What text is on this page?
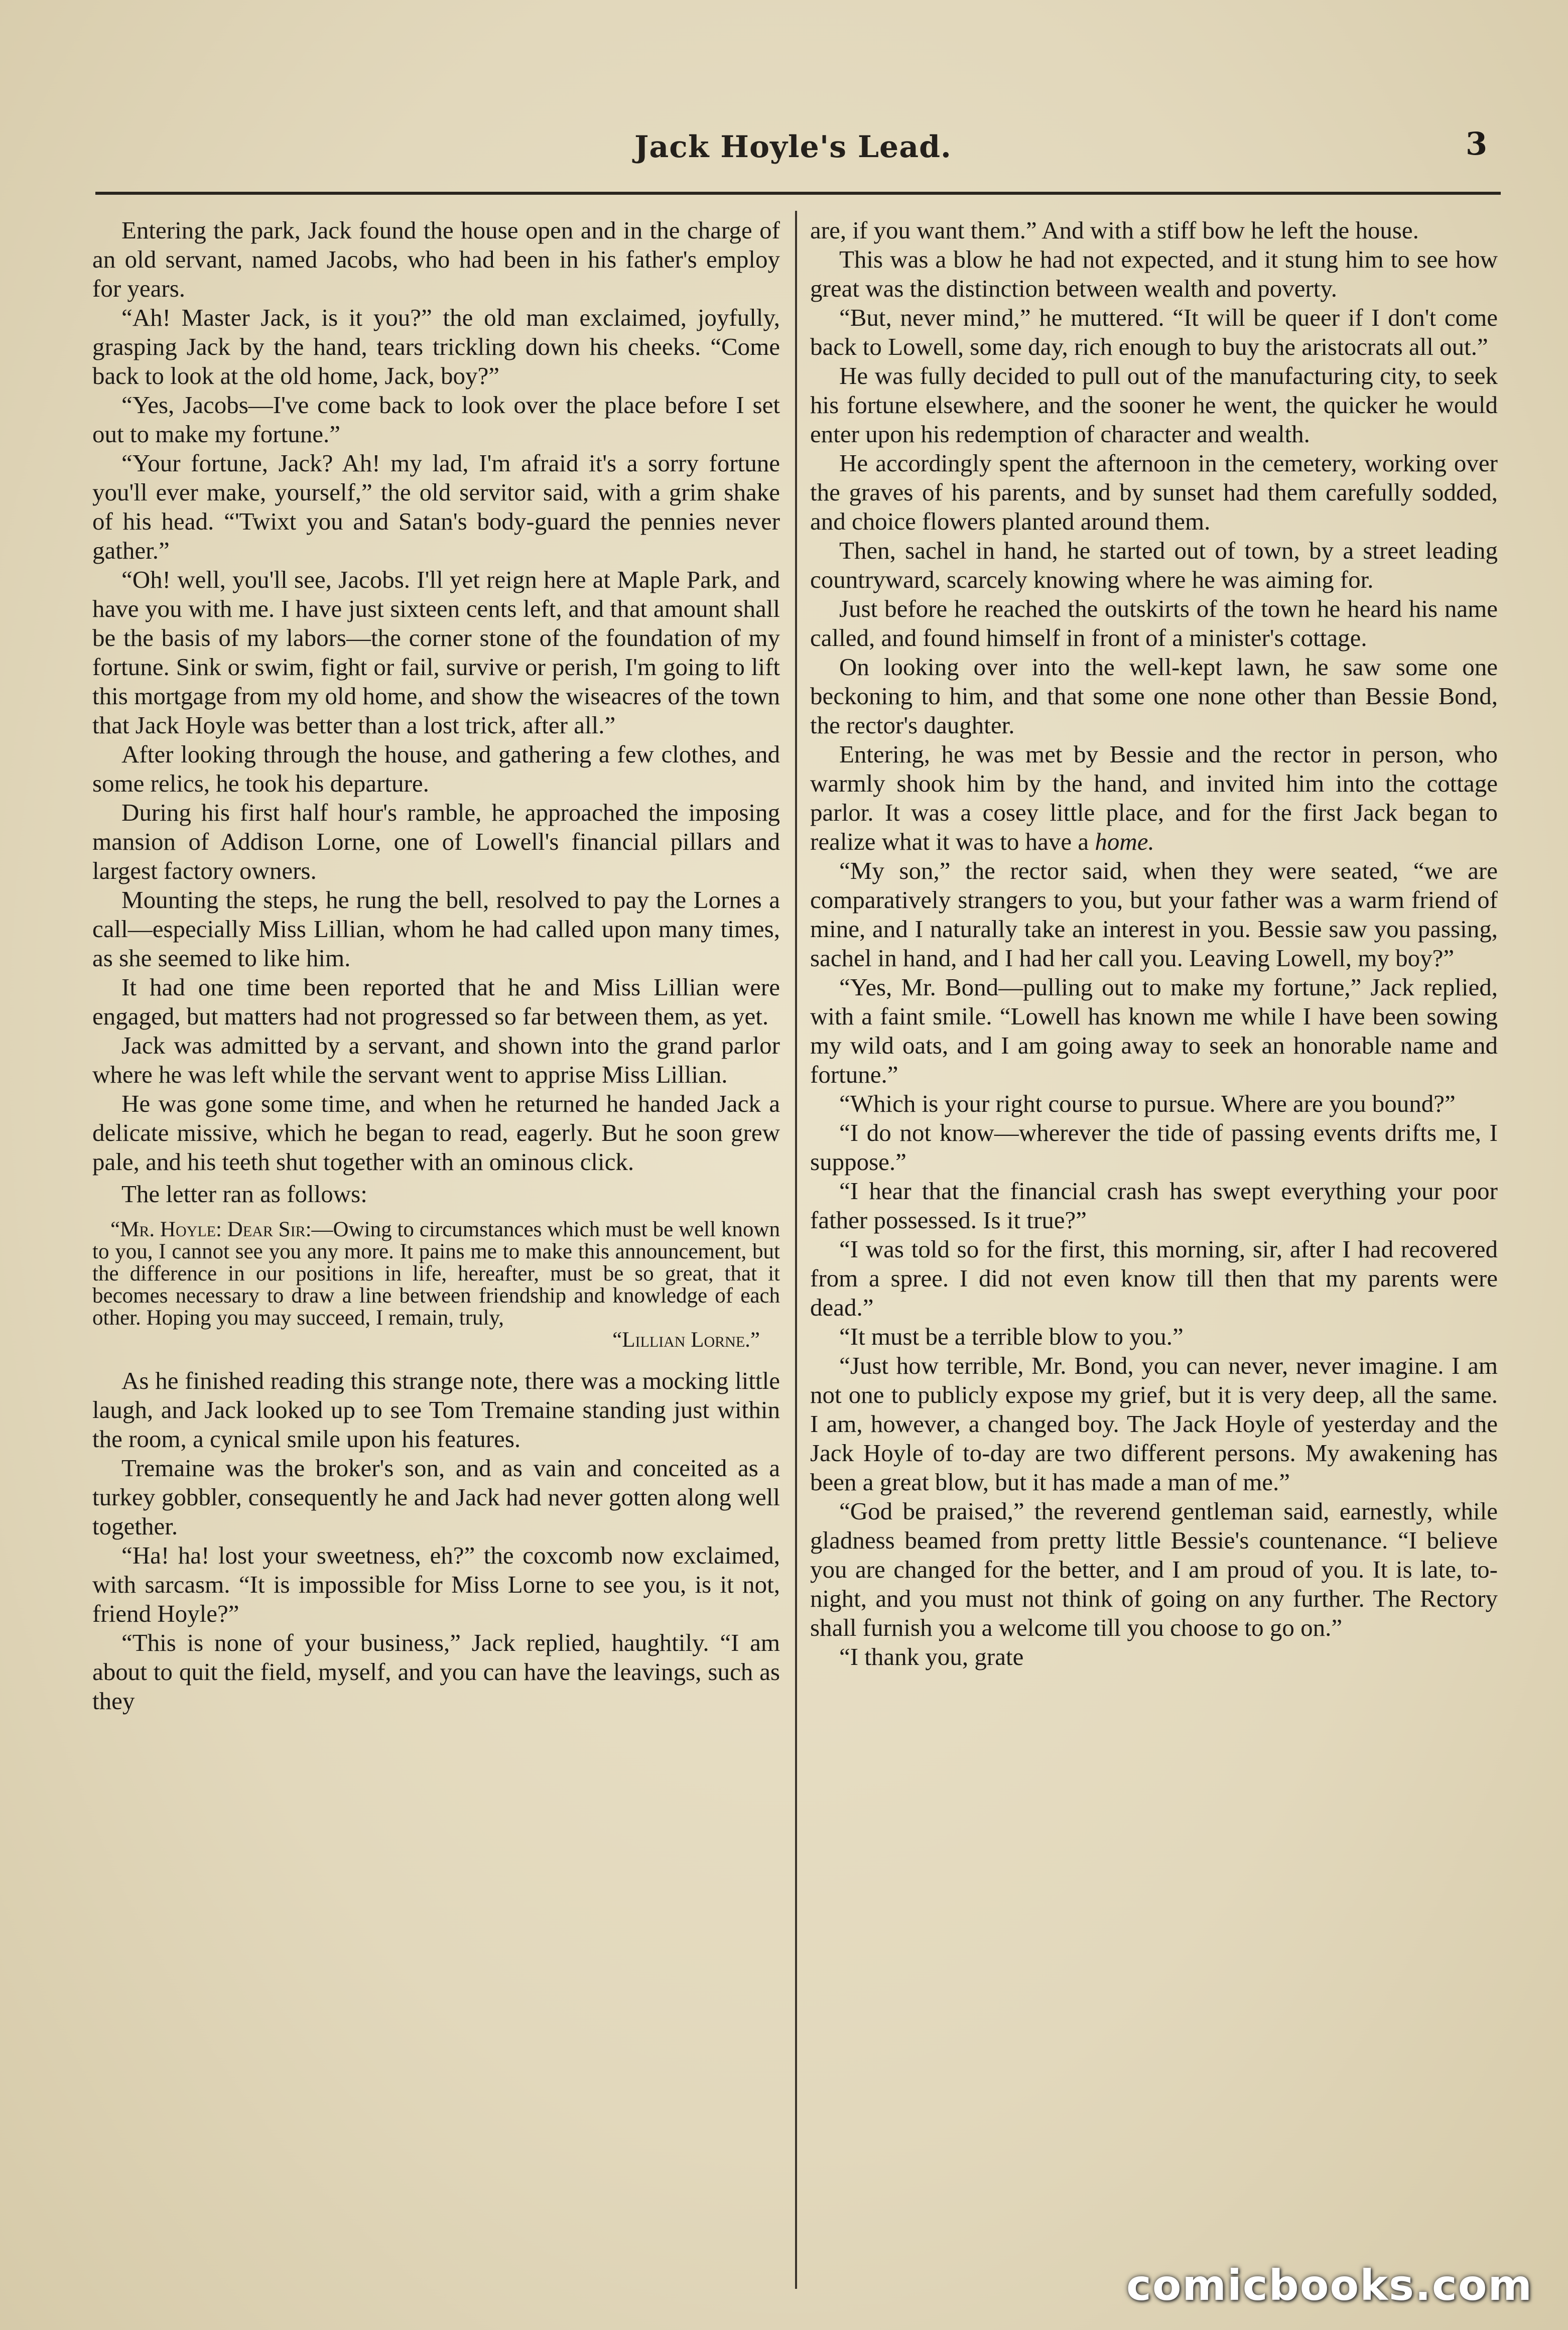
Jack Hoyle's Lead.	3

Entering the park, Jack found the house open and in the charge of an old servant, named Jacobs, who had been in his father's employ for years.

“Ah! Master Jack, is it you?” the old man exclaimed, joyfully, grasping Jack by the hand, tears trickling down his cheeks. “Come back to look at the old home, Jack, boy?”

“Yes, Jacobs—I've come back to look over the place before I set out to make my fortune.”

“Your fortune, Jack? Ah! my lad, I'm afraid it's a sorry fortune you'll ever make, yourself,” the old servitor said, with a grim shake of his head. “'Twixt you and Satan's body-guard the pennies never gather.”

“Oh! well, you'll see, Jacobs. I'll yet reign here at Maple Park, and have you with me. I have just sixteen cents left, and that amount shall be the basis of my labors—the corner stone of the foundation of my fortune. Sink or swim, fight or fail, survive or perish, I'm going to lift this mortgage from my old home, and show the wiseacres of the town that Jack Hoyle was better than a lost trick, after all.”

After looking through the house, and gathering a few clothes, and some relics, he took his departure.

During his first half hour's ramble, he approached the imposing mansion of Addison Lorne, one of Lowell's financial pillars and largest factory owners.

Mounting the steps, he rung the bell, resolved to pay the Lornes a call—especially Miss Lillian, whom he had called upon many times, as she seemed to like him.

It had one time been reported that he and Miss Lillian were engaged, but matters had not progressed so far between them, as yet.

Jack was admitted by a servant, and shown into the grand parlor where he was left while the servant went to apprise Miss Lillian.

He was gone some time, and when he returned he handed Jack a delicate missive, which he began to read, eagerly. But he soon grew pale, and his teeth shut together with an ominous click.

The letter ran as follows:

“Mr. Hoyle: Dear Sir:—Owing to circumstances which must be well known to you, I cannot see you any more. It pains me to make this announcement, but the difference in our positions in life, hereafter, must be so great, that it becomes necessary to draw a line between friendship and knowledge of each other. Hoping you may succeed, I remain, truly,
“Lillian Lorne.”

As he finished reading this strange note, there was a mocking little laugh, and Jack looked up to see Tom Tremaine standing just within the room, a cynical smile upon his features.

Tremaine was the broker's son, and as vain and conceited as a turkey gobbler, consequently he and Jack had never gotten along well together.

“Ha! ha! lost your sweetness, eh?” the coxcomb now exclaimed, with sarcasm. “It is impossible for Miss Lorne to see you, is it not, friend Hoyle?”

“This is none of your business,” Jack replied, haughtily. “I am about to quit the field, myself, and you can have the leavings, such as they

are, if you want them.” And with a stiff bow he left the house.

This was a blow he had not expected, and it stung him to see how great was the distinction between wealth and poverty.

“But, never mind,” he muttered. “It will be queer if I don't come back to Lowell, some day, rich enough to buy the aristocrats all out.”

He was fully decided to pull out of the manufacturing city, to seek his fortune elsewhere, and the sooner he went, the quicker he would enter upon his redemption of character and wealth.

He accordingly spent the afternoon in the cemetery, working over the graves of his parents, and by sunset had them carefully sodded, and choice flowers planted around them.

Then, sachel in hand, he started out of town, by a street leading countryward, scarcely knowing where he was aiming for.

Just before he reached the outskirts of the town he heard his name called, and found himself in front of a minister's cottage.

On looking over into the well-kept lawn, he saw some one beckoning to him, and that some one none other than Bessie Bond, the rector's daughter.

Entering, he was met by Bessie and the rector in person, who warmly shook him by the hand, and invited him into the cottage parlor. It was a cosey little place, and for the first Jack began to realize what it was to have a home.

“My son,” the rector said, when they were seated, “we are comparatively strangers to you, but your father was a warm friend of mine, and I naturally take an interest in you. Bessie saw you passing, sachel in hand, and I had her call you. Leaving Lowell, my boy?”

“Yes, Mr. Bond—pulling out to make my fortune,” Jack replied, with a faint smile. “Lowell has known me while I have been sowing my wild oats, and I am going away to seek an honorable name and fortune.”

“Which is your right course to pursue. Where are you bound?”

“I do not know—wherever the tide of passing events drifts me, I suppose.”

“I hear that the financial crash has swept everything your poor father possessed. Is it true?”

“I was told so for the first, this morning, sir, after I had recovered from a spree. I did not even know till then that my parents were dead.”

“It must be a terrible blow to you.”

“Just how terrible, Mr. Bond, you can never, never imagine. I am not one to publicly expose my grief, but it is very deep, all the same. I am, however, a changed boy. The Jack Hoyle of yesterday and the Jack Hoyle of to-day are two different persons. My awakening has been a great blow, but it has made a man of me.”

“God be praised,” the reverend gentleman said, earnestly, while gladness beamed from pretty little Bessie's countenance. “I believe you are changed for the better, and I am proud of you. It is late, to-night, and you must not think of going on any further. The Rectory shall furnish you a welcome till you choose to go on.”

“I thank you, grate

comicbooks.com
